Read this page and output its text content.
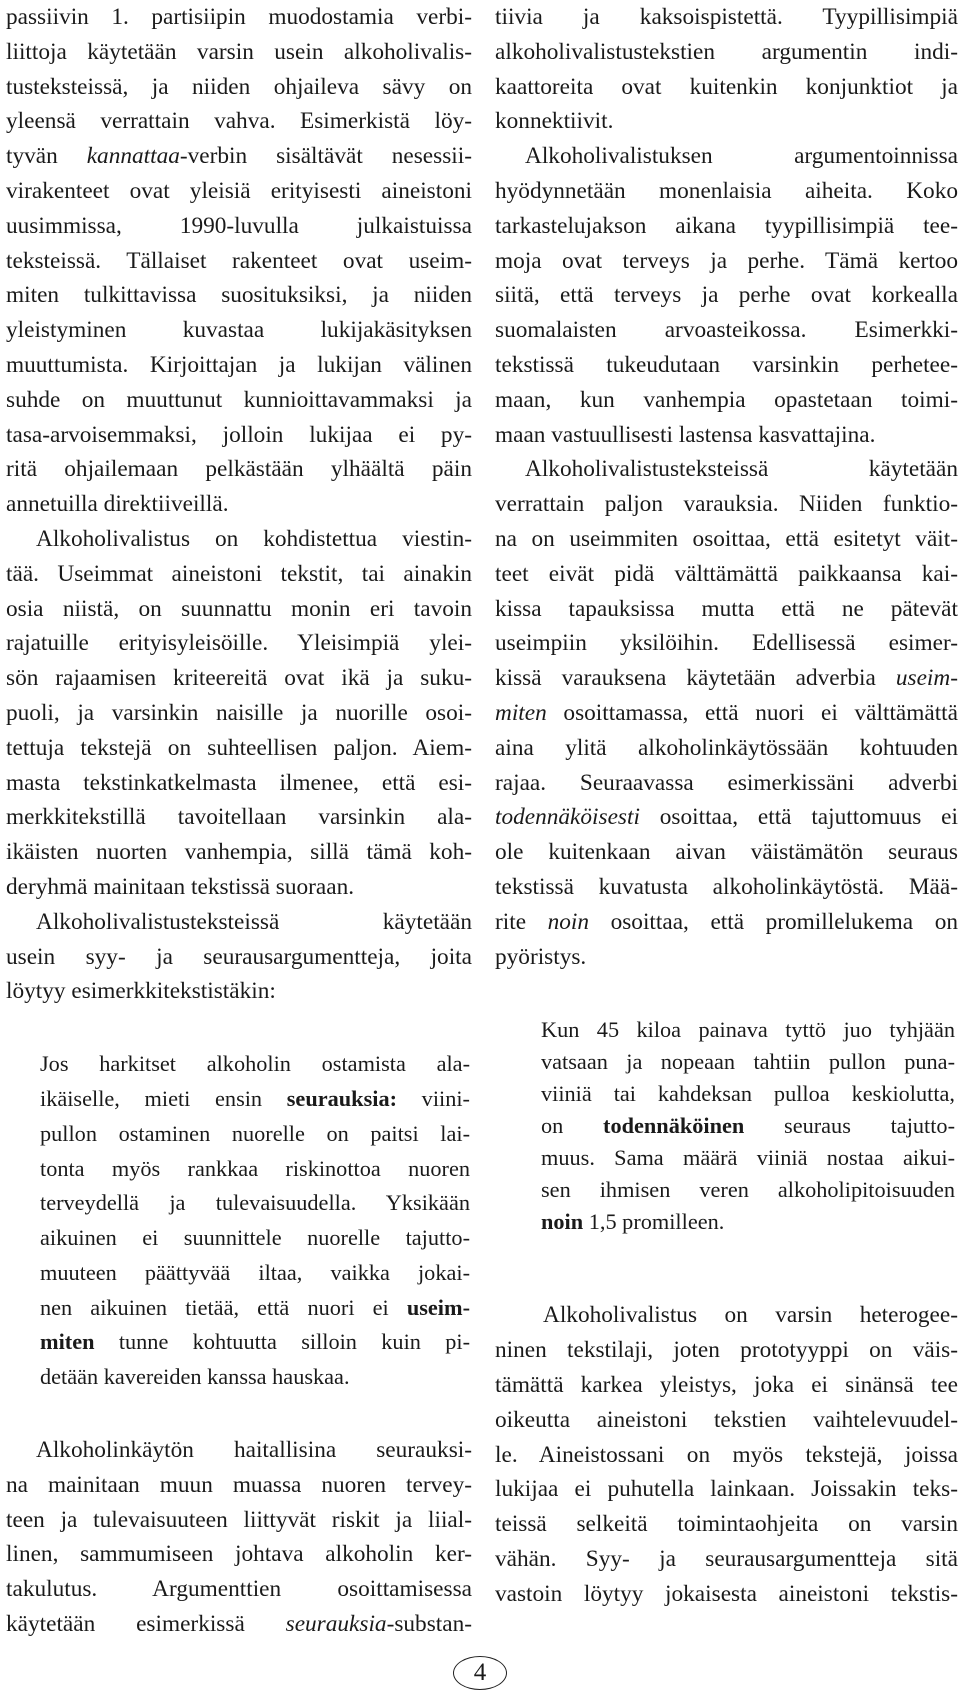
passiivin 1. partisiipin muodostamia verbi-
liittoja käytetään varsin usein alkoholivalis-
tusteksteissä, ja niiden ohjaileva sävy on
yleensä verrattain vahva. Esimerkistä löy-
tyvän kannattaa-verbin sisältävät nesessii-
virakenteet ovat yleisiä erityisesti aineistoni
uusimmissa, 1990-luvulla julkaistuissa
teksteissä. Tällaiset rakenteet ovat useim-
miten tulkittavissa suosituksiksi, ja niiden
yleistyminen kuvastaa lukijakäsityksen
muuttumista. Kirjoittajan ja lukijan välinen
suhde on muuttunut kunnioittavammaksi ja
tasa-arvoisemmaksi, jolloin lukijaa ei py-
ritä ohjailemaan pelkästään ylhäältä päin
annetuilla direktiiveillä.
Alkoholivalistus on kohdistettua viestin-
tää. Useimmat aineistoni tekstit, tai ainakin
osia niistä, on suunnattu monin eri tavoin
rajatuille erityisyleisöille. Yleisimpiä ylei-
sön rajaamisen kriteereitä ovat ikä ja suku-
puoli, ja varsinkin naisille ja nuorille osoi-
tettuja tekstejä on suhteellisen paljon. Aiem-
masta tekstinkatkelmasta ilmenee, että esi-
merkkitekstillä tavoitellaan varsinkin ala-
ikäisten nuorten vanhempia, sillä tämä koh-
deryhmä mainitaan tekstissä suoraan.
Alkoholivalistusteksteissä käytetään
usein syy- ja seurausargumentteja, joita
löytyy esimerkkitekstistäkin:
Jos harkitset alkoholin ostamista ala-
ikäiselle, mieti ensin seurauksia: viini-
pullon ostaminen nuorelle on paitsi lai-
tonta myös rankkaa riskinottoa nuoren
terveydellä ja tulevaisuudella. Yksikään
aikuinen ei suunnittele nuorelle tajutto-
muuteen päättyvää iltaa, vaikka jokai-
nen aikuinen tietää, että nuori ei useim-
miten tunne kohtuutta silloin kuin pi-
detään kavereiden kanssa hauskaa.
Alkoholinkäytön haitallisina seurauksi-
na mainitaan muun muassa nuoren tervey-
teen ja tulevaisuuteen liittyvät riskit ja liial-
linen, sammumiseen johtava alkoholin ker-
takulutus. Argumenttien osoittamisessa
käytetään esimerkissä seurauksia-substan-
tiivia ja kaksoispistettä. Tyypillisimpiä
alkoholivalistustekstien argumentin indi-
kaattoreita ovat kuitenkin konjunktiot ja
konnektiivit.
Alkoholivalistuksen argumentoinnissa
hyödynnetään monenlaisia aiheita. Koko
tarkastelujakson aikana tyypillisimpiä tee-
moja ovat terveys ja perhe. Tämä kertoo
siitä, että terveys ja perhe ovat korkealla
suomalaisten arvoasteikossa. Esimerkki-
tekstissä tukeudutaan varsinkin perhetee-
maan, kun vanhempia opastetaan toimi-
maan vastuullisesti lastensa kasvattajina.
Alkoholivalistusteksteissä käytetään
verrattain paljon varauksia. Niiden funktio-
na on useimmiten osoittaa, että esitetyt väit-
teet eivät pidä välttämättä paikkaansa kai-
kissa tapauksissa mutta että ne pätevät
useimpiin yksilöihin. Edellisessä esimer-
kissä varauksena käytetään adverbia useim-
miten osoittamassa, että nuori ei välttämättä
aina ylitä alkoholinkäytössään kohtuuden
rajaa. Seuraavassa esimerkissäni adverbi
todennäköisesti osoittaa, että tajuttomuus ei
ole kuitenkaan aivan väistämätön seuraus
tekstissä kuvatusta alkoholinkäytöstä. Mää-
rite noin osoittaa, että promillelukema on
pyöristys.
Kun 45 kiloa painava tyttö juo tyhjään
vatsaan ja nopeaan tahtiin pullon puna-
viiniä tai kahdeksan pulloa keskiolutta,
on todennäköinen seuraus tajutto-
muus. Sama määrä viiniä nostaa aikui-
sen ihmisen veren alkoholipitoisuuden
noin 1,5 promilleen.
Alkoholivalistus on varsin heterogee-
ninen tekstilaji, joten prototyyppi on väis-
tämättä karkea yleistys, joka ei sinänsä tee
oikeutta aineistoni tekstien vaihtelevuudel-
le. Aineistossani on myös tekstejä, joissa
lukijaa ei puhutella lainkaan. Joissakin teks-
teissä selkeitä toimintaohjeita on varsin
vähän. Syy- ja seurausargumentteja sitä
vastoin löytyy jokaisesta aineistoni tekstis-
4
